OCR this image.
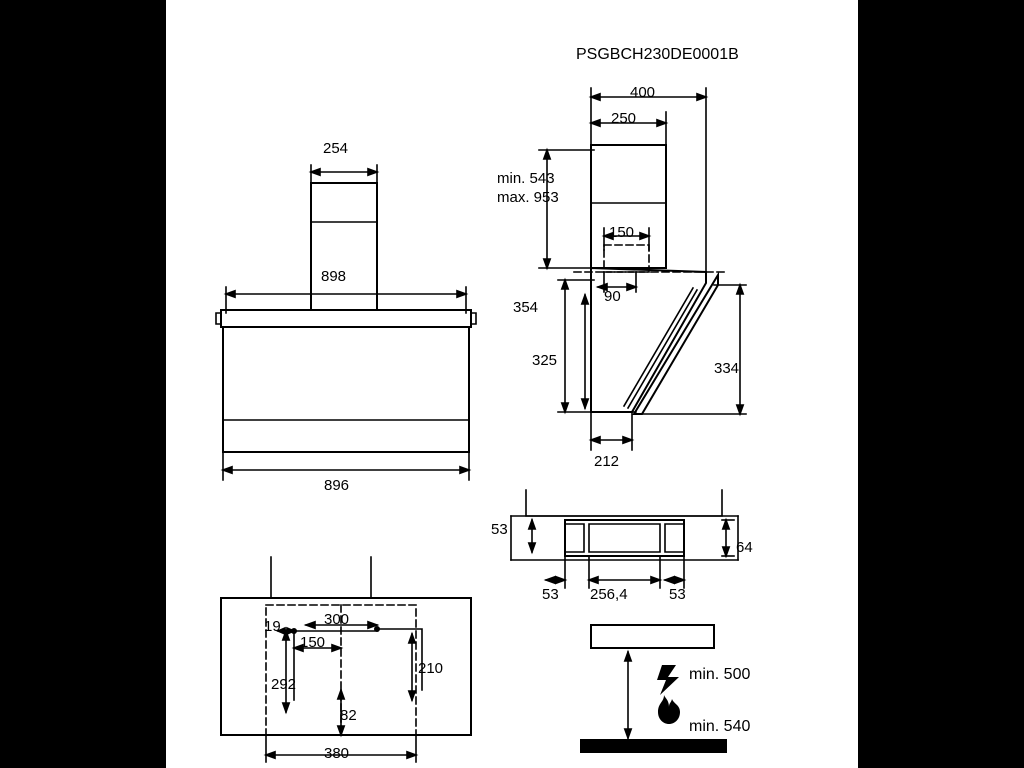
PSGBCH230DE0001B
254
898
896
400
250
min. 543
max. 953
150
90
354
325	334
212
53
64
53 256,4	53
19	300
150
210
292
82
380
min. 500
min. 540
